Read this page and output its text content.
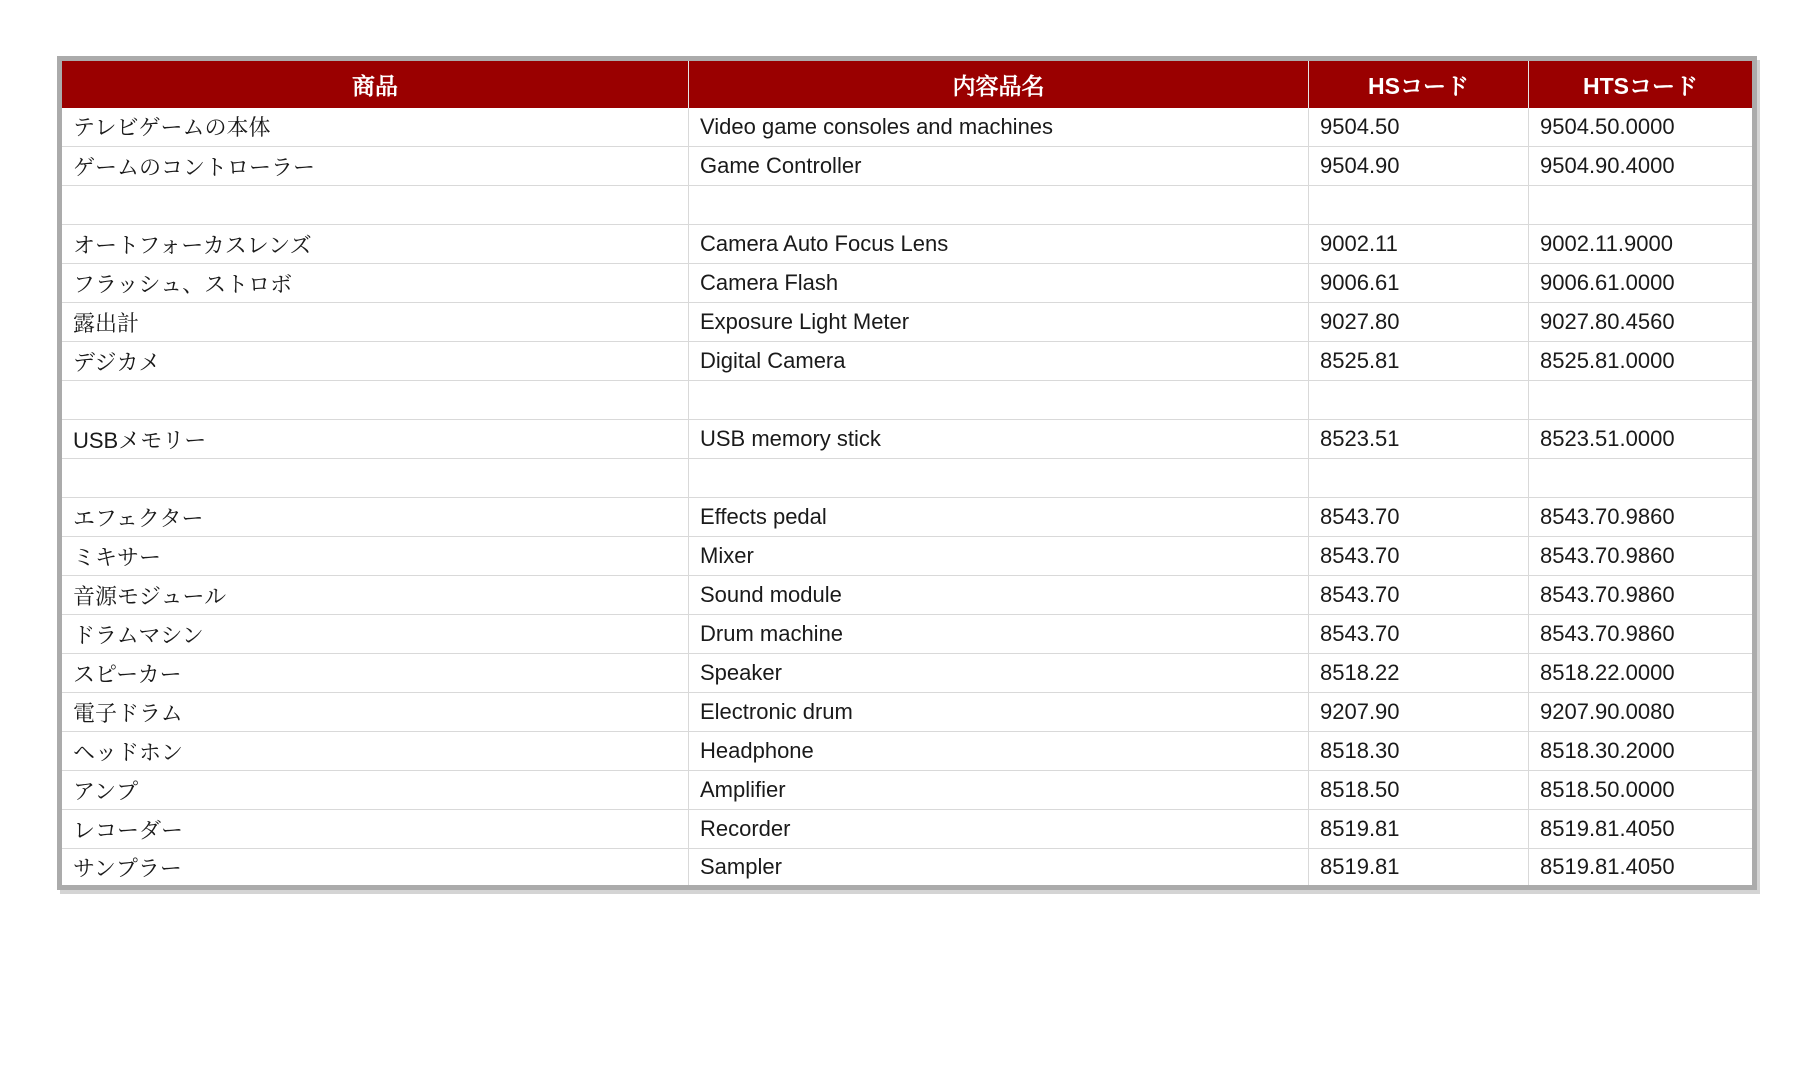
商品	内容品名	HSコード	HTSコード
テレビゲームの本体	Video game consoles and machines	9504.50	9504.50.0000
ゲームのコントローラー	Game Controller	9504.90	9504.90.4000

オートフォーカスレンズ	Camera Auto Focus Lens	9002.11	9002.11.9000
フラッシュ、ストロボ	Camera Flash	9006.61	9006.61.0000
露出計	Exposure Light Meter	9027.80	9027.80.4560
デジカメ	Digital Camera	8525.81	8525.81.0000

USBメモリー	USB memory stick	8523.51	8523.51.0000

エフェクター	Effects pedal	8543.70	8543.70.9860
ミキサー	Mixer	8543.70	8543.70.9860
音源モジュール	Sound module	8543.70	8543.70.9860
ドラムマシン	Drum machine	8543.70	8543.70.9860
スピーカー	Speaker	8518.22	8518.22.0000
電子ドラム	Electronic drum	9207.90	9207.90.0080
ヘッドホン	Headphone	8518.30	8518.30.2000
アンプ	Amplifier	8518.50	8518.50.0000
レコーダー	Recorder	8519.81	8519.81.4050
サンプラー	Sampler	8519.81	8519.81.4050
